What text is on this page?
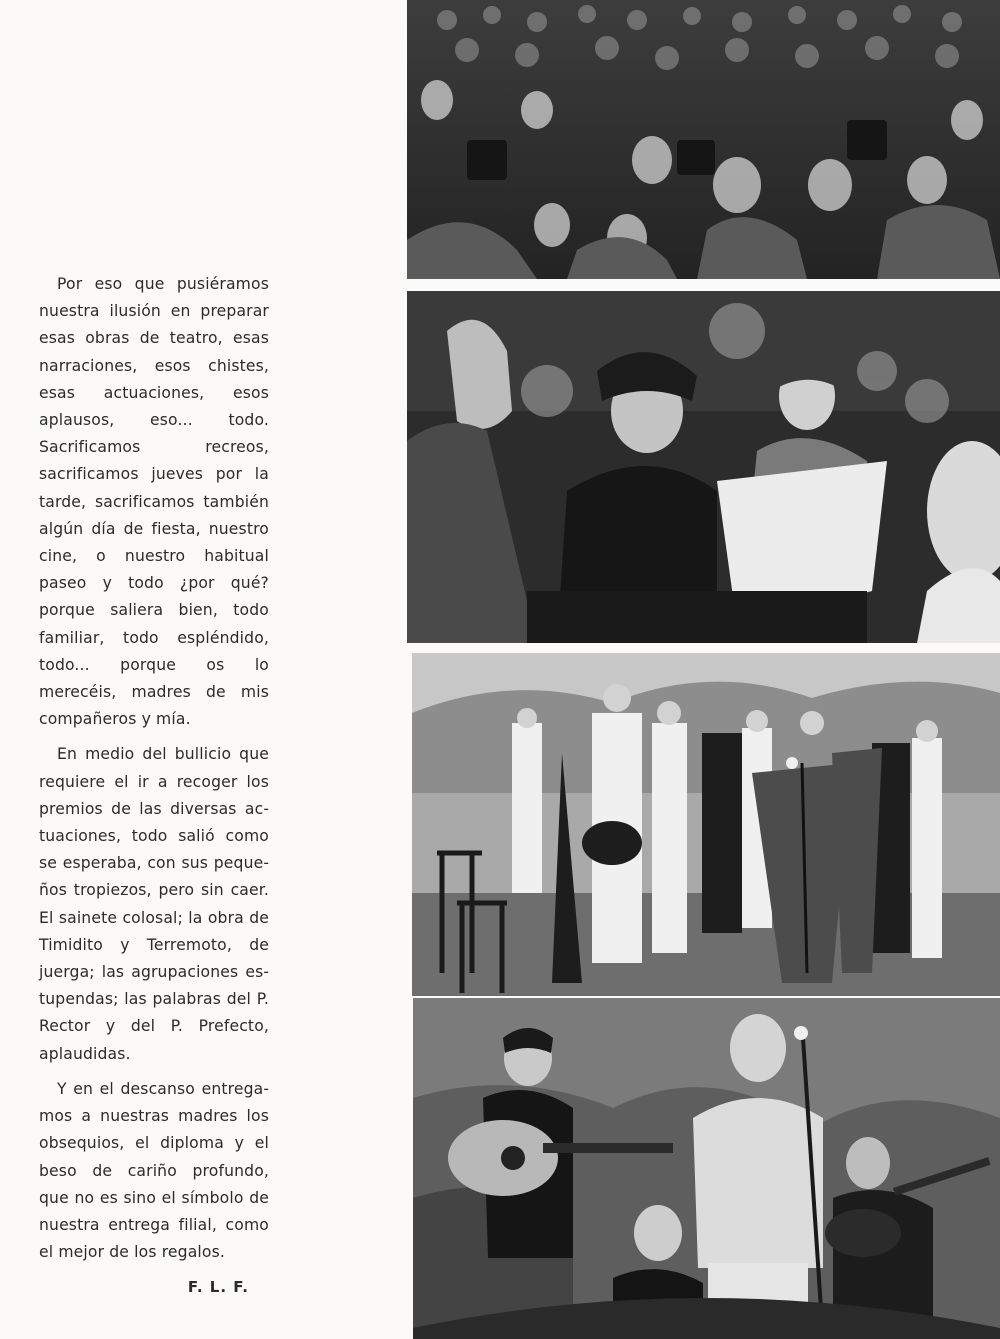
Por eso que pusiéramos nuestra ilusión en preparar esas obras de teatro, esas narraciones, esos chistes, esas actuaciones, esos aplausos, eso... todo. Sacrificamos recreos, sacrificamos jueves por la tarde, sacrificamos también algún día de fiesta, nuestro cine, o nuestro habitual paseo y todo ¿por qué? porque saliera bien, todo familiar, todo espléndido, todo... porque os lo merecéis, madres de mis compañeros y mía.

En medio del bullicio que requiere el ir a recoger los premios de las diversas actuaciones, todo salió como se esperaba, con sus pequeños tropiezos, pero sin caer. El sainete colosal; la obra de Timidito y Terremoto, de juerga; las agrupaciones estupendas; las palabras del P. Rector y del P. Prefecto, aplaudidas.

Y en el descanso entregamos a nuestras madres los obsequios, el diploma y el beso de cariño profundo, que no es sino el símbolo de nuestra entrega filial, como el mejor de los regalos.

F. L. F.
